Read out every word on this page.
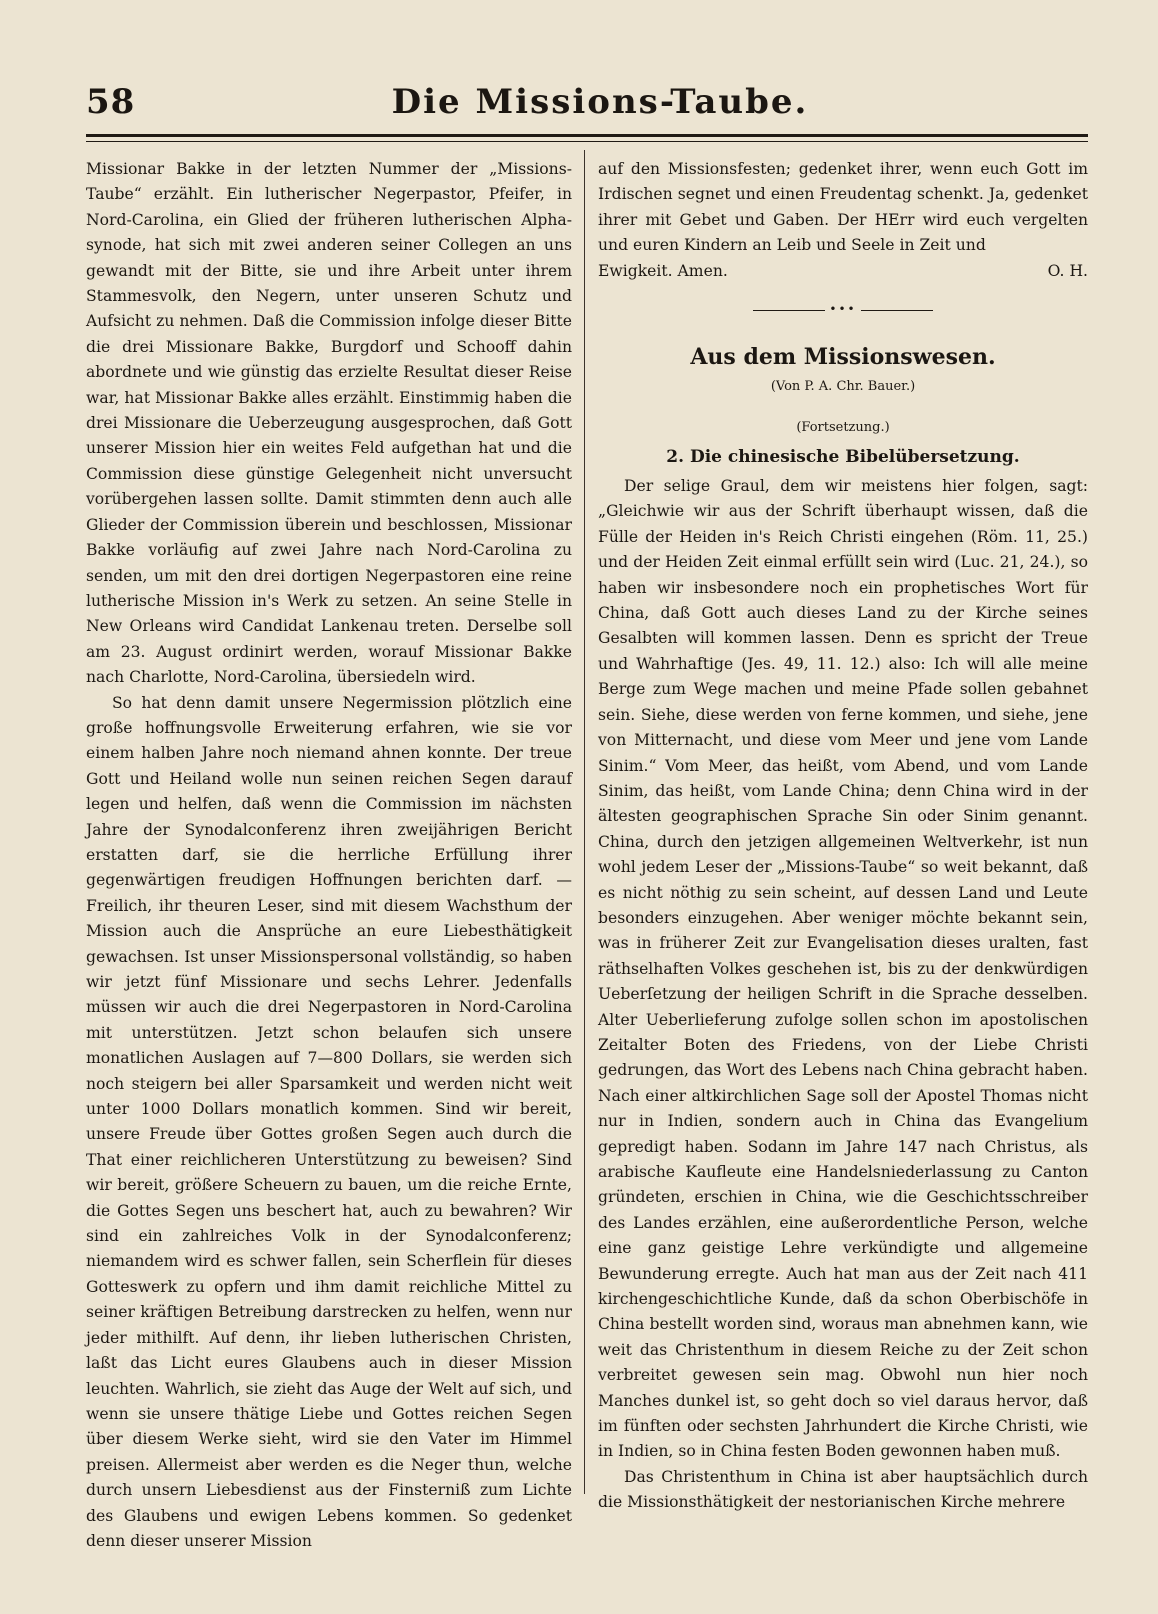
58	Die Missions-Taube.

Missionar Bakke in der letzten Nummer der „Missions-Taube“ erzählt. Ein lutherischer Negerpastor, Pfeifer, in Nord-Carolina, ein Glied der früheren lutherischen Alpha-synode, hat sich mit zwei anderen seiner Collegen an uns gewandt mit der Bitte, sie und ihre Arbeit unter ihrem Stammesvolk, den Negern, unter unseren Schutz und Aufsicht zu nehmen. Daß die Commission infolge dieser Bitte die drei Missionare Bakke, Burgdorf und Schooff dahin abordnete und wie günstig das erzielte Resultat dieser Reise war, hat Missionar Bakke alles erzählt. Einstimmig haben die drei Missionare die Ueberzeugung ausgesprochen, daß Gott unserer Mission hier ein weites Feld aufgethan hat und die Commission diese günstige Gelegenheit nicht unversucht vorübergehen lassen sollte. Damit stimmten denn auch alle Glieder der Commission überein und beschlossen, Missionar Bakke vorläufig auf zwei Jahre nach Nord-Carolina zu senden, um mit den drei dortigen Negerpastoren eine reine lutherische Mission in's Werk zu setzen. An seine Stelle in New Orleans wird Candidat Lankenau treten. Derselbe soll am 23. August ordinirt werden, worauf Missionar Bakke nach Charlotte, Nord-Carolina, übersiedeln wird.

So hat denn damit unsere Negermission plötzlich eine große hoffnungsvolle Erweiterung erfahren, wie sie vor einem halben Jahre noch niemand ahnen konnte. Der treue Gott und Heiland wolle nun seinen reichen Segen darauf legen und helfen, daß wenn die Commission im nächsten Jahre der Synodalconferenz ihren zweijährigen Bericht erstatten darf, sie die herrliche Erfüllung ihrer gegenwärtigen freudigen Hoffnungen berichten darf. — Freilich, ihr theuren Leser, sind mit diesem Wachsthum der Mission auch die Ansprüche an eure Liebesthätigkeit gewachsen. Ist unser Missionspersonal vollständig, so haben wir jetzt fünf Missionare und sechs Lehrer. Jedenfalls müssen wir auch die drei Negerpastoren in Nord-Carolina mit unterstützen. Jetzt schon belaufen sich unsere monatlichen Auslagen auf 7—800 Dollars, sie werden sich noch steigern bei aller Sparsamkeit und werden nicht weit unter 1000 Dollars monatlich kommen. Sind wir bereit, unsere Freude über Gottes großen Segen auch durch die That einer reichlicheren Unterstützung zu beweisen? Sind wir bereit, größere Scheuern zu bauen, um die reiche Ernte, die Gottes Segen uns beschert hat, auch zu bewahren? Wir sind ein zahlreiches Volk in der Synodalconferenz; niemandem wird es schwer fallen, sein Scherflein für dieses Gotteswerk zu opfern und ihm damit reichliche Mittel zu seiner kräftigen Betreibung darstrecken zu helfen, wenn nur jeder mithilft. Auf denn, ihr lieben lutherischen Christen, laßt das Licht eures Glaubens auch in dieser Mission leuchten. Wahrlich, sie zieht das Auge der Welt auf sich, und wenn sie unsere thätige Liebe und Gottes reichen Segen über diesem Werke sieht, wird sie den Vater im Himmel preisen. Allermeist aber werden es die Neger thun, welche durch unsern Liebesdienst aus der Finsterniß zum Lichte des Glaubens und ewigen Lebens kommen. So gedenket denn dieser unserer Mission

auf den Missionsfesten; gedenket ihrer, wenn euch Gott im Irdischen segnet und einen Freudentag schenkt. Ja, gedenket ihrer mit Gebet und Gaben. Der HErr wird euch vergelten und euren Kindern an Leib und Seele in Zeit und

Ewigkeit. Amen.	O. H.
•••
Aus dem Missionswesen.
(Von P. A. Chr. Bauer.)
(Fortsetzung.)
2. Die chinesische Bibelübersetzung.

Der selige Graul, dem wir meistens hier folgen, sagt: „Gleichwie wir aus der Schrift überhaupt wissen, daß die Fülle der Heiden in's Reich Christi eingehen (Röm. 11, 25.) und der Heiden Zeit einmal erfüllt sein wird (Luc. 21, 24.), so haben wir insbesondere noch ein prophetisches Wort für China, daß Gott auch dieses Land zu der Kirche seines Gesalbten will kommen lassen. Denn es spricht der Treue und Wahrhaftige (Jes. 49, 11. 12.) also: Ich will alle meine Berge zum Wege machen und meine Pfade sollen gebahnet sein. Siehe, diese werden von ferne kommen, und siehe, jene von Mitternacht, und diese vom Meer und jene vom Lande Sinim.“ Vom Meer, das heißt, vom Abend, und vom Lande Sinim, das heißt, vom Lande China; denn China wird in der ältesten geographischen Sprache Sin oder Sinim genannt. China, durch den jetzigen allgemeinen Weltverkehr, ist nun wohl jedem Leser der „Missions-Taube“ so weit bekannt, daß es nicht nöthig zu sein scheint, auf dessen Land und Leute besonders einzugehen. Aber weniger möchte bekannt sein, was in früherer Zeit zur Evangelisation dieses uralten, fast räthselhaften Volkes geschehen ist, bis zu der denkwürdigen Ueberſetzung der heiligen Schrift in die Sprache desselben. Alter Ueberlieferung zufolge sollen schon im apostolischen Zeitalter Boten des Friedens, von der Liebe Christi gedrungen, das Wort des Lebens nach China gebracht haben. Nach einer altkirchlichen Sage soll der Apostel Thomas nicht nur in Indien, sondern auch in China das Evangelium gepredigt haben. Sodann im Jahre 147 nach Christus, als arabische Kaufleute eine Handelsniederlassung zu Canton gründeten, erschien in China, wie die Geschichtsschreiber des Landes erzählen, eine außerordentliche Person, welche eine ganz geistige Lehre verkündigte und allgemeine Bewunderung erregte. Auch hat man aus der Zeit nach 411 kirchengeschichtliche Kunde, daß da schon Oberbischöfe in China bestellt worden sind, woraus man abnehmen kann, wie weit das Christenthum in diesem Reiche zu der Zeit schon verbreitet gewesen sein mag. Obwohl nun hier noch Manches dunkel ist, so geht doch so viel daraus hervor, daß im fünften oder sechsten Jahrhundert die Kirche Christi, wie in Indien, so in China festen Boden gewonnen haben muß.

Das Christenthum in China ist aber hauptsächlich durch die Missionsthätigkeit der nestorianischen Kirche mehrere
